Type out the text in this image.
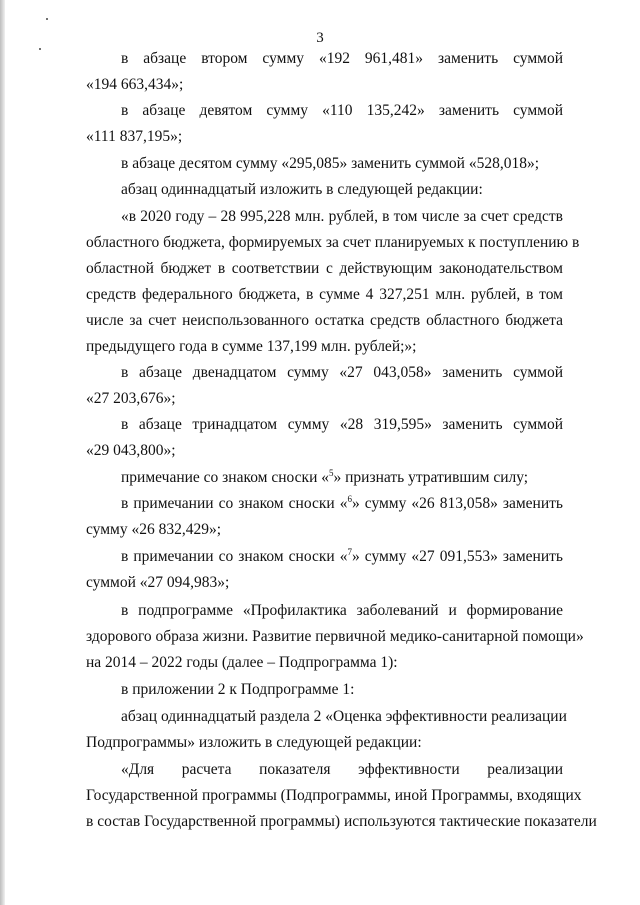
3
в абзаце втором сумму «192 961,481» заменить суммой
«194 663,434»;
в абзаце девятом сумму «110 135,242» заменить суммой
«111 837,195»;
в абзаце десятом сумму «295,085» заменить суммой «528,018»;
абзац одиннадцатый изложить в следующей редакции:
«в 2020 году – 28 995,228 млн. рублей, в том числе за счет средств
областного бюджета, формируемых за счет планируемых к поступлению в
областной бюджет в соответствии с действующим законодательством
средств федерального бюджета, в сумме 4 327,251 млн. рублей, в том
числе за счет неиспользованного остатка средств областного бюджета
предыдущего года в сумме 137,199 млн. рублей;»;
в абзаце двенадцатом сумму «27 043,058» заменить суммой
«27 203,676»;
в абзаце тринадцатом сумму «28 319,595» заменить суммой
«29 043,800»;
примечание со знаком сноски «$^5$» признать утратившим силу;
в примечании со знаком сноски «$^6$» сумму «26 813,058» заменить
сумму «26 832,429»;
в примечании со знаком сноски «$^7$» сумму «27 091,553» заменить
суммой «27 094,983»;
в подпрограмме «Профилактика заболеваний и формирование
здорового образа жизни. Развитие первичной медико-санитарной помощи»
на 2014 – 2022 годы (далее – Подпрограмма 1):
в приложении 2 к Подпрограмме 1:
абзац одиннадцатый раздела 2 «Оценка эффективности реализации
Подпрограммы» изложить в следующей редакции:
«Для расчета показателя эффективности реализации
Государственной программы (Подпрограммы, иной Программы, входящих
в состав Государственной программы) используются тактические показатели
